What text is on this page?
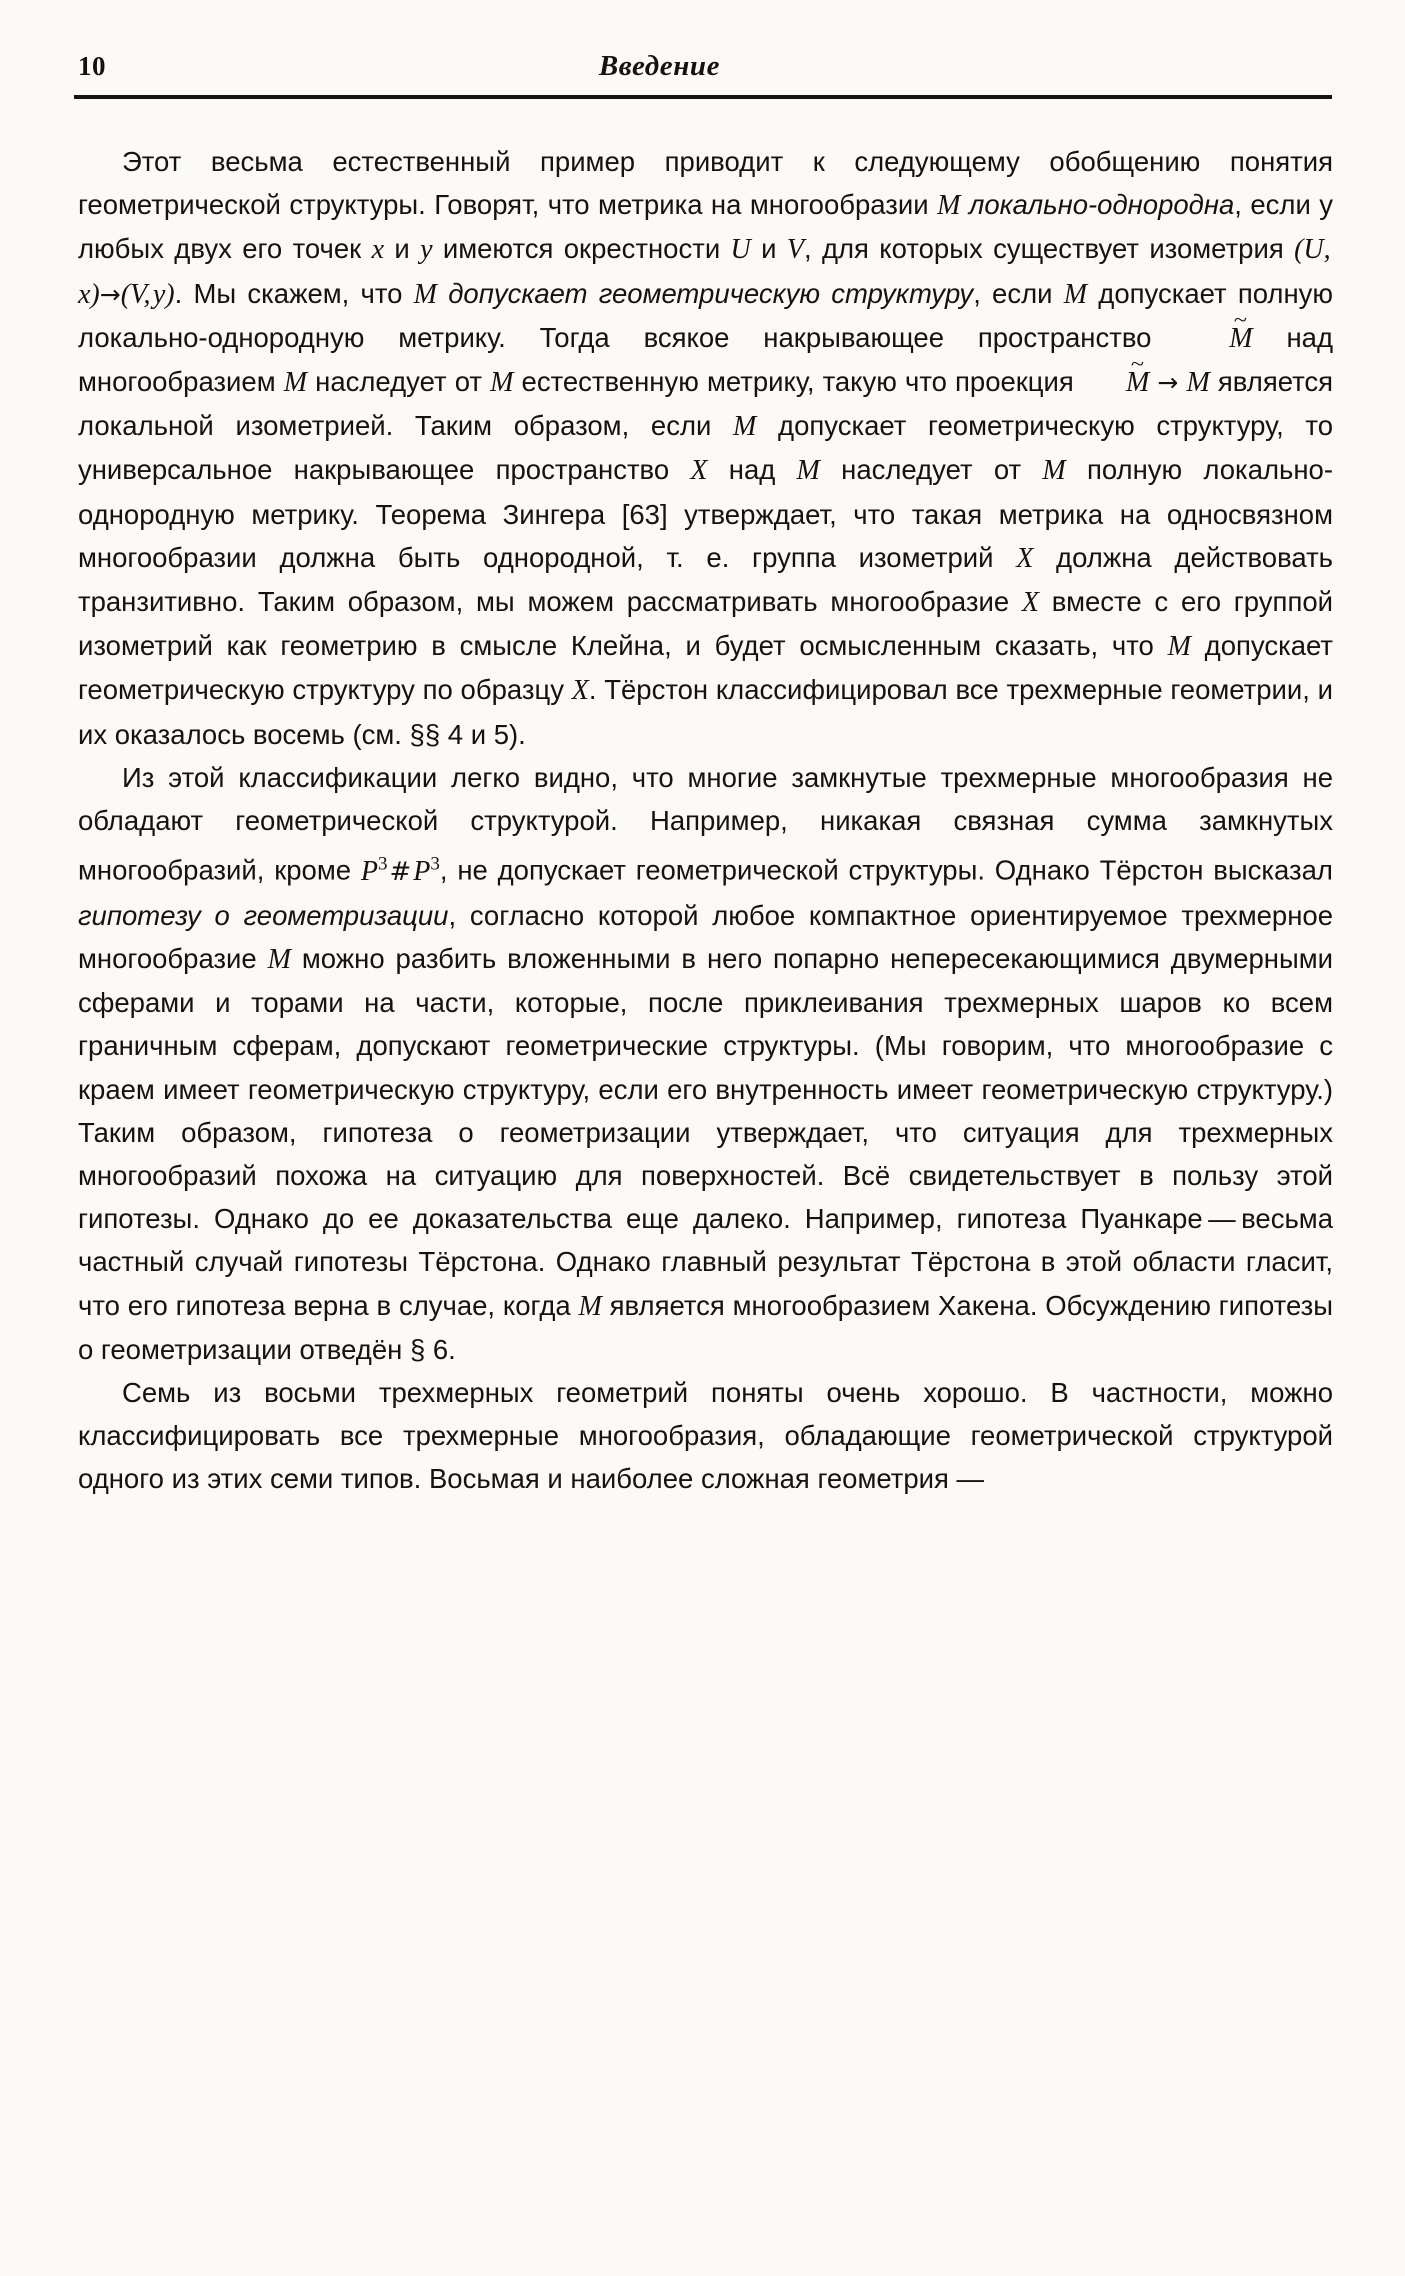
10	Введение

Этот весьма естественный пример приводит к следующему обобщению понятия геометрической структуры. Говорят, что метрика на многообразии M локально-однородна, если у любых двух его точек x и y имеются окрестности U и V, для которых существует изометрия (U, x)→(V, y). Мы скажем, что M допускает геометрическую структуру, если M допускает полную локально-однородную метрику. Тогда всякое накрывающее пространство ~ M над многообразием M наследует от M естественную метрику, такую что проекция ~ M → M является локальной изометрией. Таким образом, если M допускает геометрическую структуру, то универсальное накрывающее пространство X над M наследует от M полную локально-однородную метрику. Теорема Зингера [63] утверждает, что такая метрика на односвязном многообразии должна быть однородной, т. е. группа изометрий X должна действовать транзитивно. Таким образом, мы можем рассматривать многообразие X вместе с его группой изометрий как геометрию в смысле Клейна, и будет осмысленным сказать, что M допускает геометрическую структуру по образцу X. Тёрстон классифицировал все трехмерные геометрии, и их оказалось восемь (см. §§ 4 и 5).

Из этой классификации легко видно, что многие замкнутые трехмерные многообразия не обладают геометрической структурой. Например, никакая связная сумма замкнутых многообразий, кроме $P^3​\#​P^3$, не допускает геометрической структуры. Однако Тёрстон высказал гипотезу о геометризации, согласно которой любое компактное ориентируемое трехмерное многообразие M можно разбить вложенными в него попарно непересекающимися двумерными сферами и торами на части, которые, после приклеивания трехмерных шаров ко всем граничным сферам, допускают геометрические структуры. (Мы говорим, что многообразие с краем имеет геометрическую структуру, если его внутренность имеет геометрическую структуру.) Таким образом, гипотеза о геометризации утверждает, что ситуация для трехмерных многообразий похожа на ситуацию для поверхностей. Всё свидетельствует в пользу этой гипотезы. Однако до ее доказательства еще далеко. Например, гипотеза Пуанкаре — весьма частный случай гипотезы Тёрстона. Однако главный результат Тёрстона в этой области гласит, что его гипотеза верна в случае, когда M является многообразием Хакена. Обсуждению гипотезы о геометризации отведён § 6.

Семь из восьми трехмерных геометрий поняты очень хорошо. В частности, можно классифицировать все трехмерные многообразия, обладающие геометрической структурой одного из этих семи типов. Восьмая и наиболее сложная геометрия —
